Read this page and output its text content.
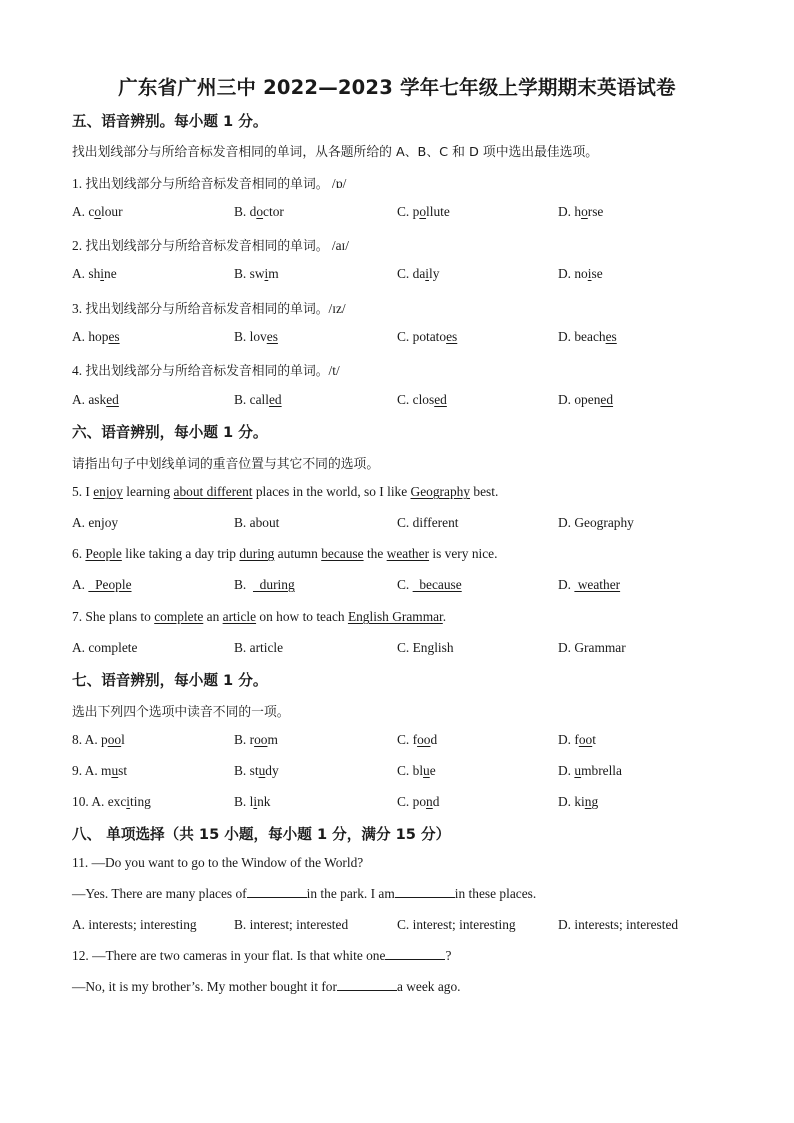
广东省广州三中 2022—2023 学年七年级上学期期末英语试卷
五、语音辨别。每小题 1 分。
找出划线部分与所给音标发音相同的单词，从各题所给的 A、B、C 和 D 项中选出最佳选项。
1. 找出划线部分与所给音标发音相同的单词。 /ɒ/
A. colour	B. doctor	C. pollute	D. horse
2. 找出划线部分与所给音标发音相同的单词。 /aɪ/
A. shine	B. swim	C. daily	D. noise
3. 找出划线部分与所给音标发音相同的单词。/ɪz/
A. hopes	B. loves	C. potatoes	D. beaches
4. 找出划线部分与所给音标发音相同的单词。/t/
A. asked	B. called	C. closed	D. opened
六、语音辨别，每小题 1 分。
请指出句子中划线单词的重音位置与其它不同的选项。
5. I enjoy learning about different places in the world, so I like Geography best.
A. enjoy	B. about	C. different	D. Geography
6. People like taking a day trip during autumn because the weather is very nice.
A.   People	B.    during	C.   because	D.  weather
7. She plans to complete an article on how to teach English Grammar.
A. complete	B. article	C. English	D. Grammar
七、语音辨别，每小题 1 分。
选出下列四个选项中读音不同的一项。
8. A. pool	B. room	C. food	D. foot
9. A. must	B. study	C. blue	D. umbrella
10. A. exciting	B. link	C. pond	D. king
八、 单项选择（共 15 小题，每小题 1 分，满分 15 分）
11. —Do you want to go to the Window of the World?
—Yes. There are many places of	in the park. I am	in these places.
A. interests; interesting	B. interest; interested	C. interest; interesting	D. interests; interested
12. —There are two cameras in your flat. Is that white one	?
—No, it is my brother’s. My mother bought it for	a week ago.
